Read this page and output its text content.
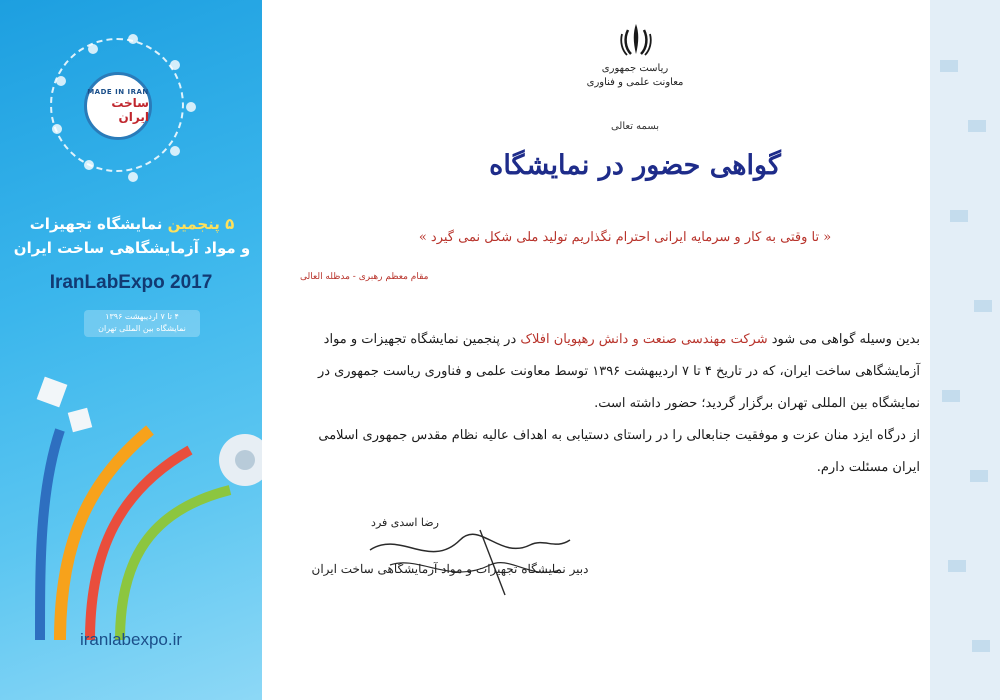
MADE IN IRAN
ساخت ایران
۵ پنجمین نمایشگاه تجهیزات
و مواد آزمایشگاهی ساخت ایران
IranLabExpo 2017
۴ تا ۷ اردیبهشت ۱۳۹۶
نمایشگاه بین المللی تهران
iranlabexpo.ir
ریاست جمهوری
معاونت علمی و فناوری
بسمه تعالی
گواهی حضور در نمایشگاه
« تا وقتی به کار و سرمایه ایرانی احترام نگذاریم تولید ملی شکل نمی گیرد »
مقام معظم رهبری - مدظله العالی
بدین وسیله گواهی می شود شرکت مهندسی صنعت و دانش رهپویان افلاک در پنجمین نمایشگاه تجهیزات و مواد آزمایشگاهی ساخت ایران، که در تاریخ ۴ تا ۷ اردیبهشت ۱۳۹۶ توسط معاونت علمی و فناوری ریاست جمهوری در نمایشگاه بین المللی تهران برگزار گردید؛ حضور داشته است.
از درگاه ایزد منان عزت و موفقیت جنابعالی را در راستای دستیابی به اهداف عالیه نظام مقدس جمهوری اسلامی ایران مسئلت دارم.
رضا اسدی فرد
دبیر نمایشگاه تجهیزات و مواد آزمایشگاهی ساخت ایران
